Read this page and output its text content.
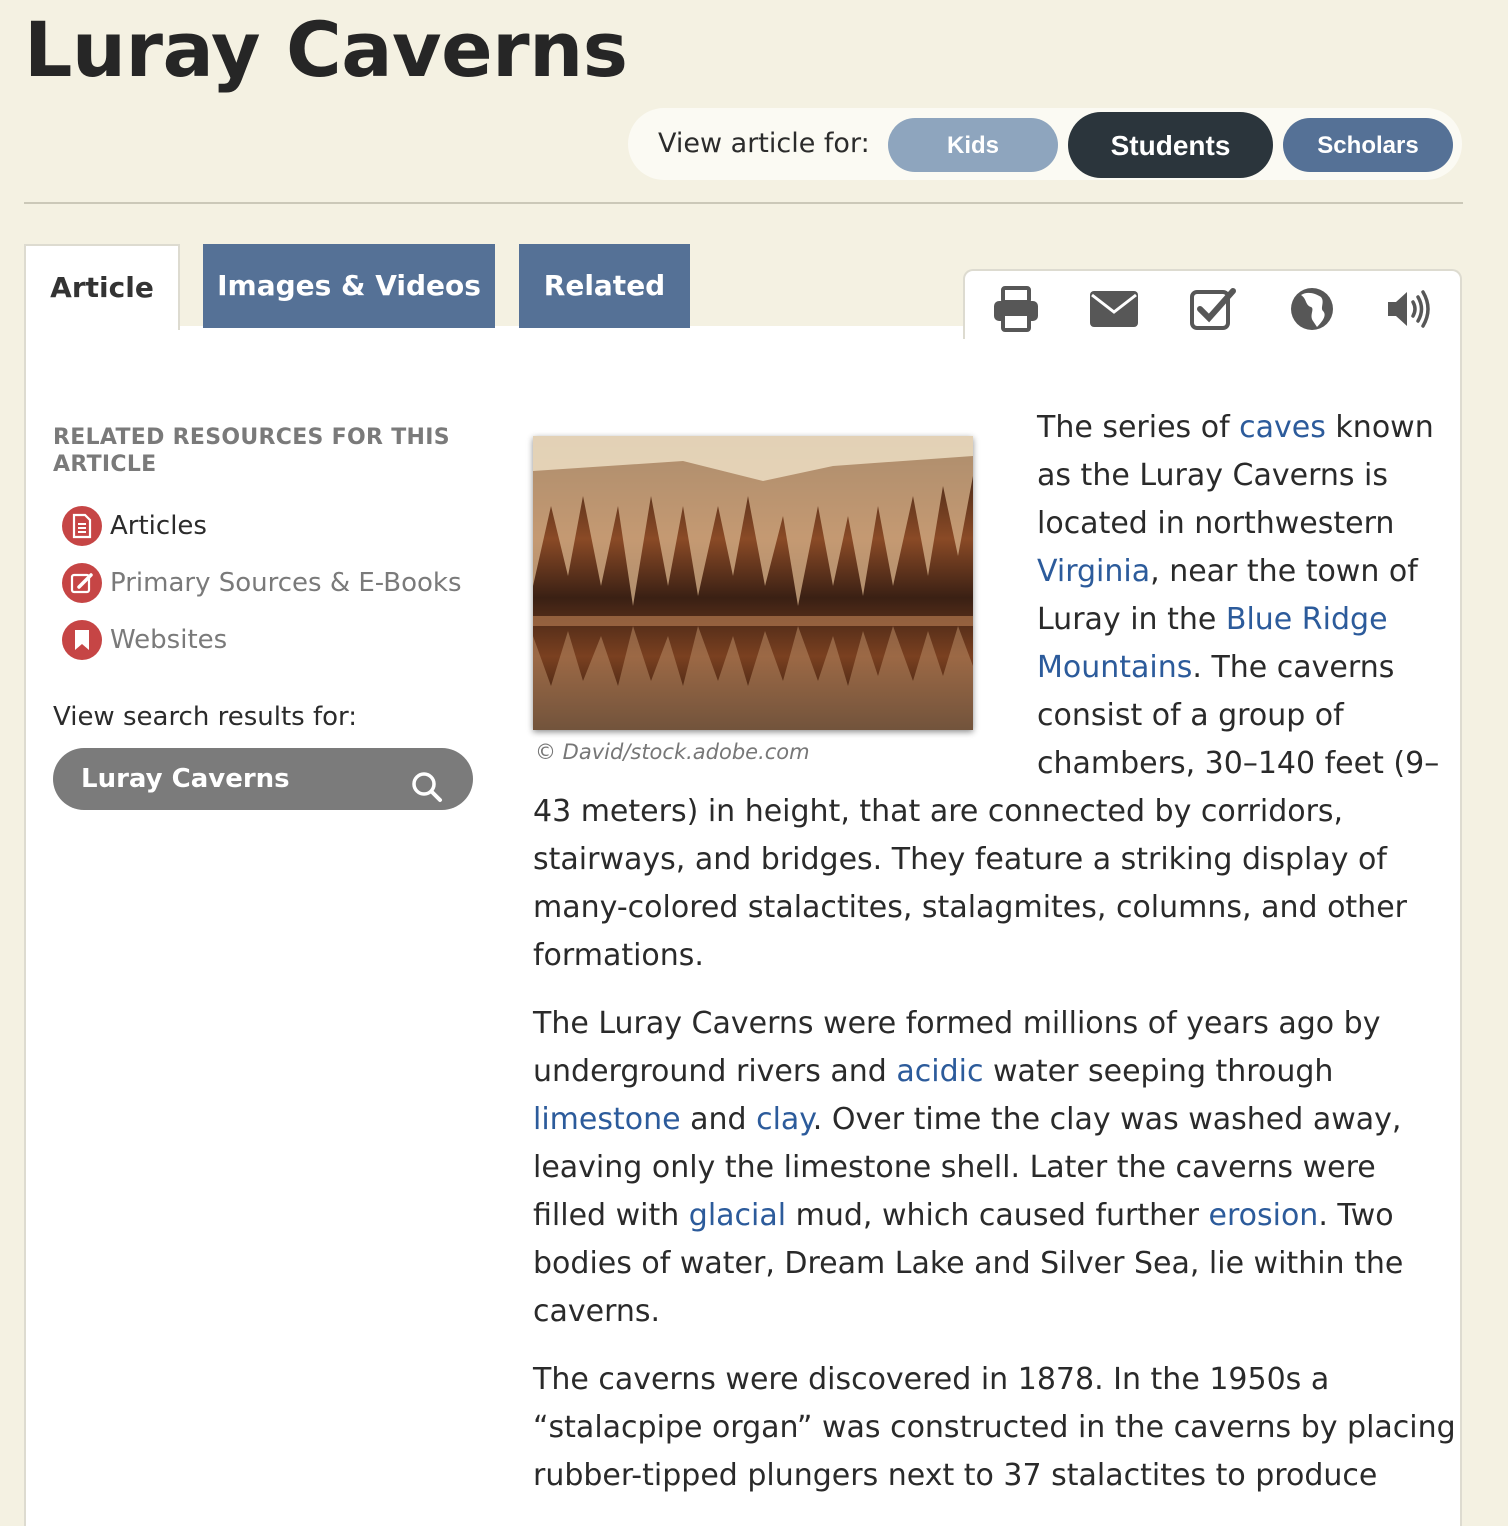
Luray Caverns
View article for:	Kids	Students	Scholars
Article	Images & Videos	Related
RELATED RESOURCES FOR THIS
ARTICLE
Articles
Primary Sources & E-Books
Websites
View search results for:
Luray Caverns
© David/stock.adobe.com
The series of caves known
as the Luray Caverns is
located in northwestern
Virginia, near the town of
Luray in the Blue Ridge
Mountains. The caverns
consist of a group of
chambers, 30–140 feet (9–
43 meters) in height, that are connected by corridors,
stairways, and bridges. They feature a striking display of
many-colored stalactites, stalagmites, columns, and other
formations.
The Luray Caverns were formed millions of years ago by
underground rivers and acidic water seeping through
limestone and clay. Over time the clay was washed away,
leaving only the limestone shell. Later the caverns were
filled with glacial mud, which caused further erosion. Two
bodies of water, Dream Lake and Silver Sea, lie within the
caverns.
The caverns were discovered in 1878. In the 1950s a
“stalacpipe organ” was constructed in the caverns by placing
rubber-tipped plungers next to 37 stalactites to produce
